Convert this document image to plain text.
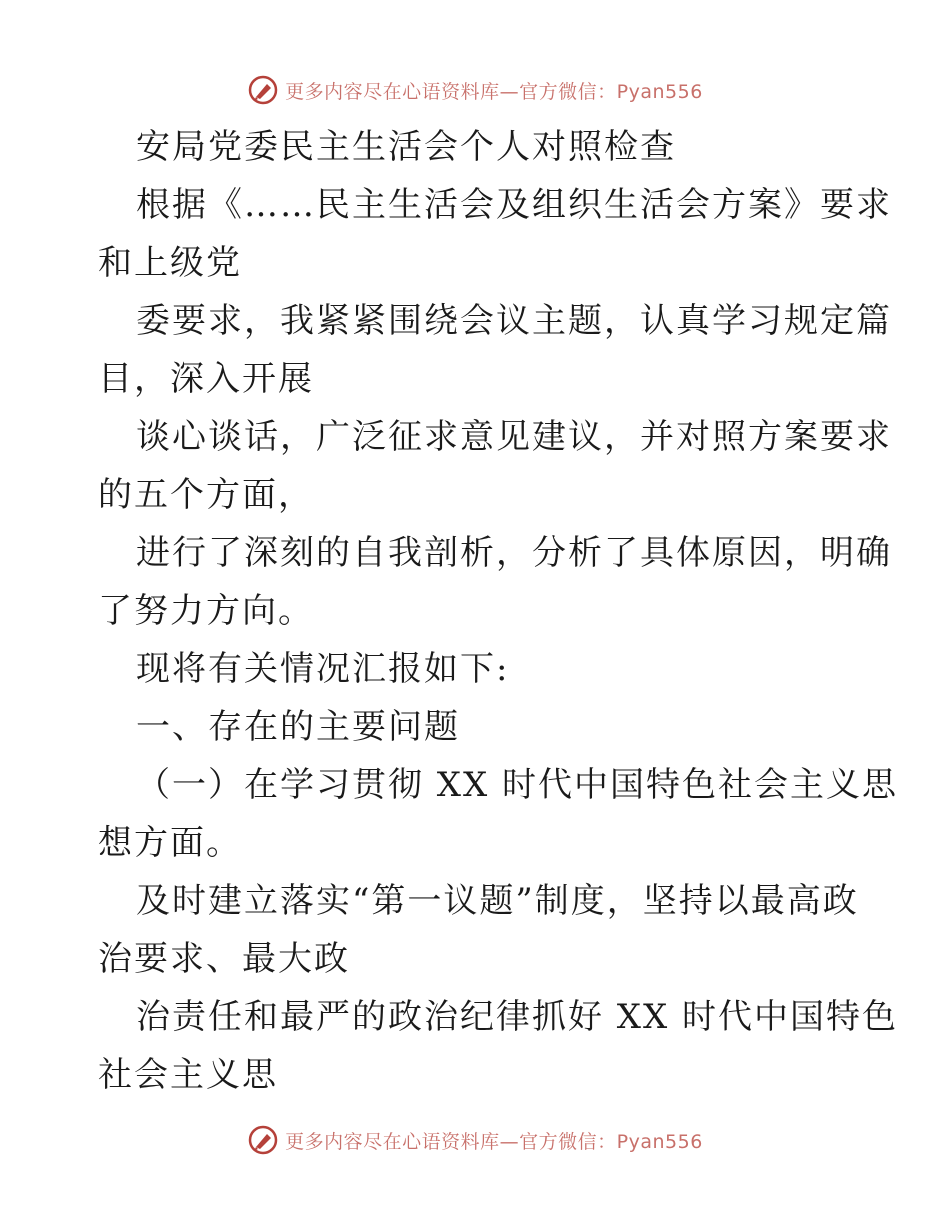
更多内容尽在心语资料库—官方微信：Pyan556
安局党委民主生活会个人对照检查
根据《……民主生活会及组织生活会方案》要求
和上级党
委要求，我紧紧围绕会议主题，认真学习规定篇
目，深入开展
谈心谈话，广泛征求意见建议，并对照方案要求
的五个方面，
进行了深刻的自我剖析，分析了具体原因，明确
了努力方向。
现将有关情况汇报如下:
一、存在的主要问题
（一）在学习贯彻 XX 时代中国特色社会主义思
想方面。
及时建立落实“第一议题”制度，坚持以最高政
治要求、最大政
治责任和最严的政治纪律抓好 XX 时代中国特色
社会主义思
更多内容尽在心语资料库—官方微信：Pyan556
